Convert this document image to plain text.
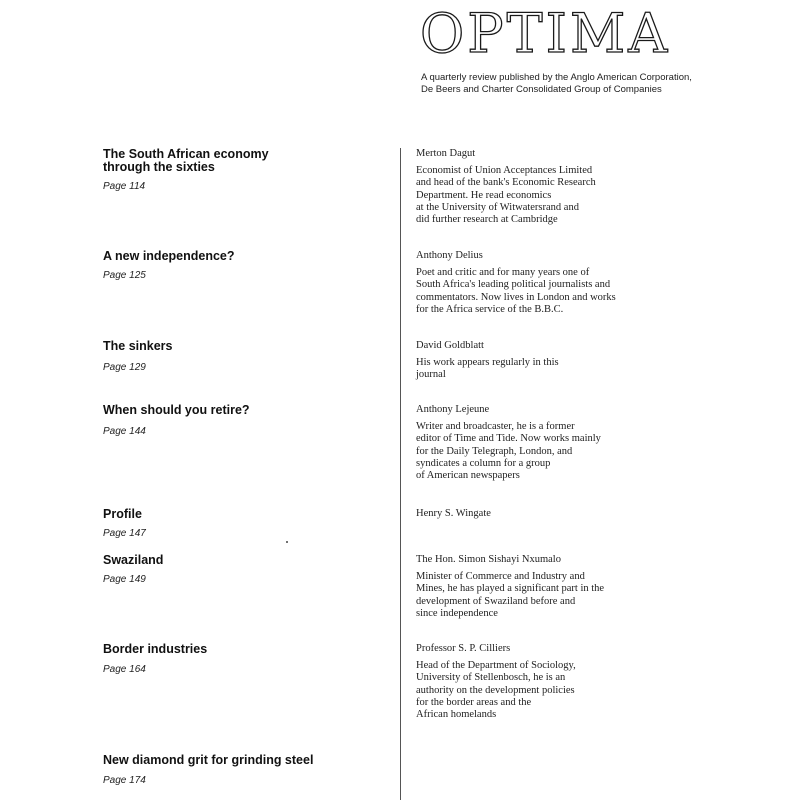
OPTIMA
A quarterly review published by the Anglo American Corporation,
De Beers and Charter Consolidated Group of Companies
The South African economy
through the sixties
Page 114
Merton Dagut
Economist of Union Acceptances Limited
and head of the bank's Economic Research
Department. He read economics
at the University of Witwatersrand and
did further research at Cambridge
A new independence?
Page 125
Anthony Delius
Poet and critic and for many years one of
South Africa's leading political journalists and
commentators. Now lives in London and works
for the Africa service of the B.B.C.
The sinkers
Page 129
David Goldblatt
His work appears regularly in this
journal
When should you retire?
Page 144
Anthony Lejeune
Writer and broadcaster, he is a former
editor of Time and Tide. Now works mainly
for the Daily Telegraph, London, and
syndicates a column for a group
of American newspapers
Profile
Page 147
Henry S. Wingate
Swaziland
Page 149
The Hon. Simon Sishayi Nxumalo
Minister of Commerce and Industry and
Mines, he has played a significant part in the
development of Swaziland before and
since independence
Border industries
Page 164
Professor S. P. Cilliers
Head of the Department of Sociology,
University of Stellenbosch, he is an
authority on the development policies
for the border areas and the
African homelands
New diamond grit for grinding steel
Page 174
